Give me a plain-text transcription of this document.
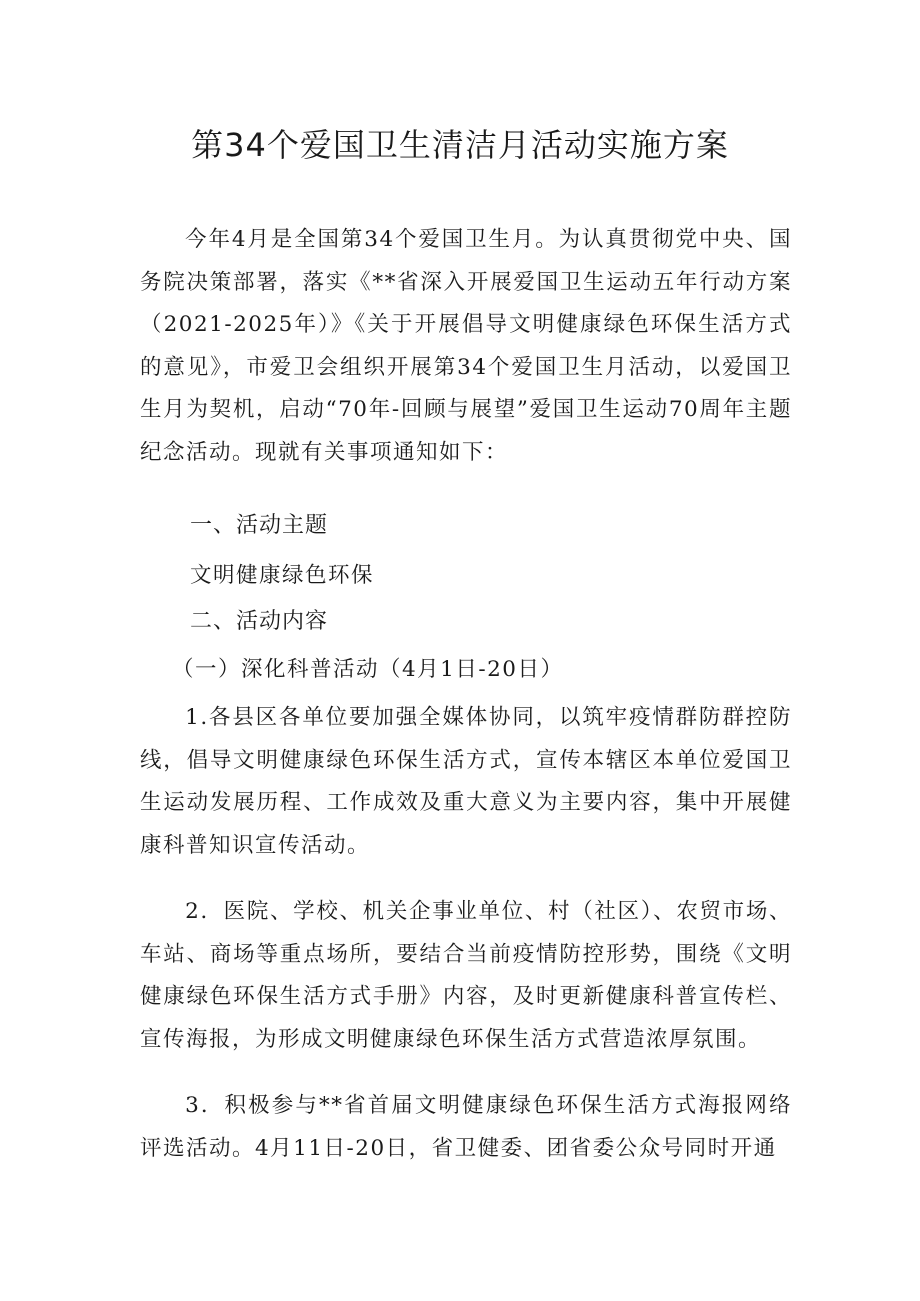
第34个爱国卫生清洁月活动实施方案

今年4月是全国第34个爱国卫生月。为认真贯彻党中央、国务院决策部署，落实《**省深入开展爱国卫生运动五年行动方案（2021-2025年）》《关于开展倡导文明健康绿色环保生活方式的意见》，市爱卫会组织开展第34个爱国卫生月活动，以爱国卫生月为契机，启动“70年-回顾与展望”爱国卫生运动70周年主题纪念活动。现就有关事项通知如下：

一、活动主题

文明健康绿色环保

二、活动内容

（一）深化科普活动（4月1日-20日）

1.各县区各单位要加强全媒体协同，以筑牢疫情群防群控防线，倡导文明健康绿色环保生活方式，宣传本辖区本单位爱国卫生运动发展历程、工作成效及重大意义为主要内容，集中开展健康科普知识宣传活动。

2．医院、学校、机关企事业单位、村（社区）、农贸市场、车站、商场等重点场所，要结合当前疫情防控形势，围绕《文明健康绿色环保生活方式手册》内容，及时更新健康科普宣传栏、宣传海报，为形成文明健康绿色环保生活方式营造浓厚氛围。

3．积极参与**省首届文明健康绿色环保生活方式海报网络评选活动。4月11日-20日，省卫健委、团省委公众号同时开通
